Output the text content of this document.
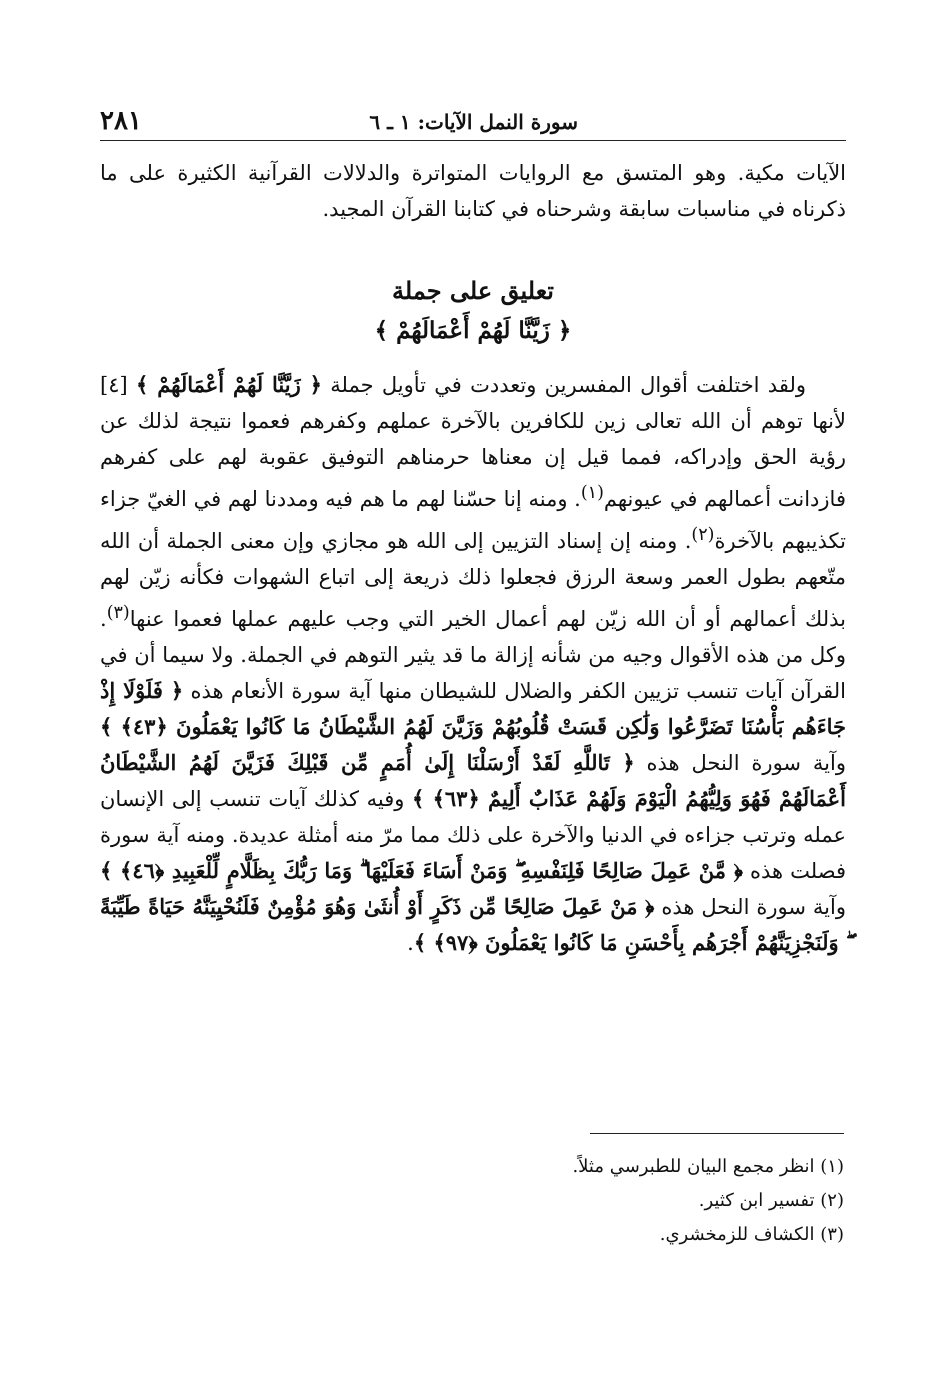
٢٨١	سورة النمل الآيات: ١ ـ ٦

الآيات مكية. وهو المتسق مع الروايات المتواترة والدلالات القرآنية الكثيرة على ما ذكرناه في مناسبات سابقة وشرحناه في كتابنا القرآن المجيد.

تعليق على جملة
﴿ زَيَّنَّا لَهُمْ أَعْمَالَهُمْ ﴾

ولقد اختلفت أقوال المفسرين وتعددت في تأويل جملة ﴿ زَيَّنَّا لَهُمْ أَعْمَالَهُمْ ﴾ [٤] لأنها توهم أن الله تعالى زين للكافرين بالآخرة عملهم وكفرهم فعموا نتيجة لذلك عن رؤية الحق وإدراكه، فمما قيل إن معناها حرمناهم التوفيق عقوبة لهم على كفرهم فازدانت أعمالهم في عيونهم$^{(١)}$. ومنه إنا حسّنا لهم ما هم فيه ومددنا لهم في الغيّ جزاء تكذيبهم بالآخرة$^{(٢)}$. ومنه إن إسناد التزيين إلى الله هو مجازي وإن معنى الجملة أن الله متّعهم بطول العمر وسعة الرزق فجعلوا ذلك ذريعة إلى اتباع الشهوات فكأنه زيّن لهم بذلك أعمالهم أو أن الله زيّن لهم أعمال الخير التي وجب عليهم عملها فعموا عنها$^{(٣)}$. وكل من هذه الأقوال وجيه من شأنه إزالة ما قد يثير التوهم في الجملة. ولا سيما أن في القرآن آيات تنسب تزيين الكفر والضلال للشيطان منها آية سورة الأنعام هذه ﴿ فَلَوْلَا إِذْ جَاءَهُم بَأْسُنَا تَضَرَّعُوا وَلَٰكِن قَسَتْ قُلُوبُهُمْ وَزَيَّنَ لَهُمُ الشَّيْطَانُ مَا كَانُوا يَعْمَلُونَ ﴿٤٣﴾ ﴾ وآية سورة النحل هذه ﴿ تَاللَّهِ لَقَدْ أَرْسَلْنَا إِلَىٰ أُمَمٍ مِّن قَبْلِكَ فَزَيَّنَ لَهُمُ الشَّيْطَانُ أَعْمَالَهُمْ فَهُوَ وَلِيُّهُمُ الْيَوْمَ وَلَهُمْ عَذَابٌ أَلِيمٌ ﴿٦٣﴾ ﴾ وفيه كذلك آيات تنسب إلى الإنسان عمله وترتب جزاءه في الدنيا والآخرة على ذلك مما مرّ منه أمثلة عديدة. ومنه آية سورة فصلت هذه ﴿ مَّنْ عَمِلَ صَالِحًا فَلِنَفْسِهِ ۖ وَمَنْ أَسَاءَ فَعَلَيْهَا ۗ وَمَا رَبُّكَ بِظَلَّامٍ لِّلْعَبِيدِ ﴿٤٦﴾ ﴾ وآية سورة النحل هذه ﴿ مَنْ عَمِلَ صَالِحًا مِّن ذَكَرٍ أَوْ أُنثَىٰ وَهُوَ مُؤْمِنٌ فَلَنُحْيِيَنَّهُ حَيَاةً طَيِّبَةً ۖ وَلَنَجْزِيَنَّهُمْ أَجْرَهُم بِأَحْسَنِ مَا كَانُوا يَعْمَلُونَ ﴿٩٧﴾ ﴾.

(١) انظر مجمع البيان للطبرسي مثلاً.
(٢) تفسير ابن كثير.
(٣) الكشاف للزمخشري.
